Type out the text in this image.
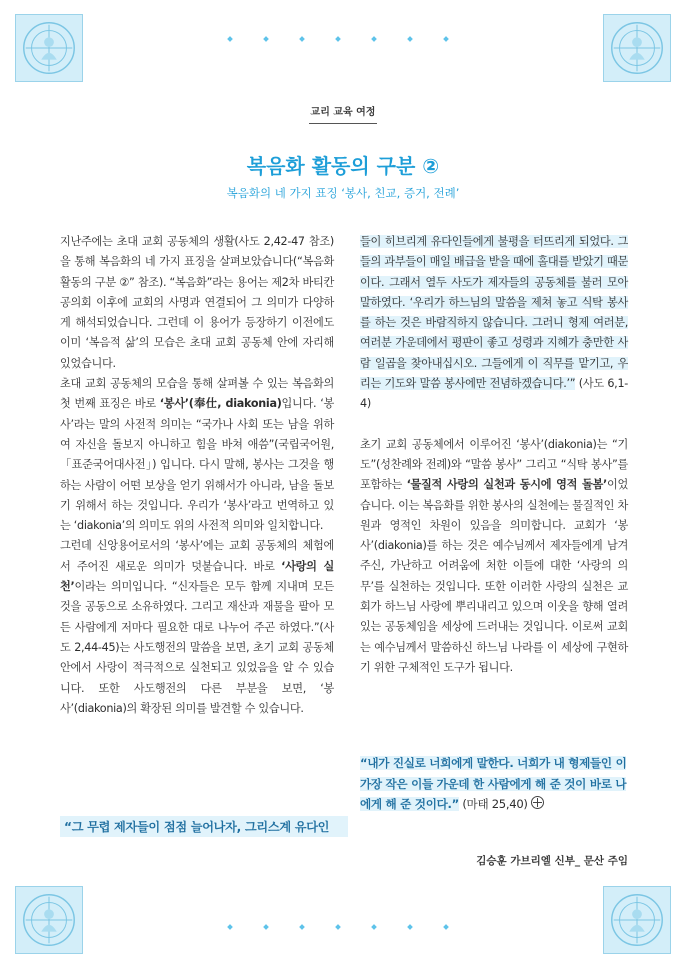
교리 교육 여정
복음화 활동의 구분 ②
복음화의 네 가지 표징 ‘봉사, 친교, 증거, 전례’

지난주에는 초대 교회 공동체의 생활(사도 2,42-47 참조)을 통해 복음화의 네 가지 표징을 살펴보았습니다(“복음화 활동의 구분 ②” 참조). “복음화”라는 용어는 제2차 바티칸 공의회 이후에 교회의 사명과 연결되어 그 의미가 다양하게 해석되었습니다. 그런데 이 용어가 등장하기 이전에도 이미 ‘복음적 삶’의 모습은 초대 교회 공동체 안에 자리해 있었습니다.

초대 교회 공동체의 모습을 통해 살펴볼 수 있는 복음화의 첫 번째 표징은 바로 ‘봉사’(奉仕, diakonia)입니다. ‘봉사’라는 말의 사전적 의미는 “국가나 사회 또는 남을 위하여 자신을 돌보지 아니하고 힘을 바쳐 애씀”(국립국어원,「표준국어대사전」) 입니다. 다시 말해, 봉사는 그것을 행하는 사람이 어떤 보상을 얻기 위해서가 아니라, 남을 돌보기 위해서 하는 것입니다. 우리가 ‘봉사’라고 번역하고 있는 ‘diakonia’의 의미도 위의 사전적 의미와 일치합니다.

그런데 신앙용어로서의 ‘봉사’에는 교회 공동체의 체험에서 주어진 새로운 의미가 덧붙습니다. 바로 ‘사랑의 실천’이라는 의미입니다. “신자들은 모두 함께 지내며 모든 것을 공동으로 소유하였다. 그리고 재산과 재물을 팔아 모든 사람에게 저마다 필요한 대로 나누어 주곤 하였다.”(사도 2,44-45)는 사도행전의 말씀을 보면, 초기 교회 공동체 안에서 사랑이 적극적으로 실천되고 있었음을 알 수 있습니다. 또한 사도행전의 다른 부분을 보면, ‘봉사’(diakonia)의 확장된 의미를 발견할 수 있습니다.

“그 무렵 제자들이 점점 늘어나자, 그리스계 유다인

들이 히브리계 유다인들에게 불평을 터뜨리게 되었다. 그들의 과부들이 매일 배급을 받을 때에 홀대를 받았기 때문이다. 그래서 열두 사도가 제자들의 공동체를 불러 모아 말하였다. ‘우리가 하느님의 말씀을 제쳐 놓고 식탁 봉사를 하는 것은 바람직하지 않습니다. 그러니 형제 여러분, 여러분 가운데에서 평판이 좋고 성령과 지혜가 충만한 사람 일곱을 찾아내십시오. 그들에게 이 직무를 맡기고, 우리는 기도와 말씀 봉사에만 전념하겠습니다.’” (사도 6,1-4)

초기 교회 공동체에서 이루어진 ‘봉사’(diakonia)는 “기도”(성찬례와 전례)와 “말씀 봉사” 그리고 “식탁 봉사”를 포함하는 ‘물질적 사랑의 실천과 동시에 영적 돌봄’이었습니다. 이는 복음화를 위한 봉사의 실천에는 물질적인 차원과 영적인 차원이 있음을 의미합니다. 교회가 ‘봉사’(diakonia)를 하는 것은 예수님께서 제자들에게 남겨주신, 가난하고 어려움에 처한 이들에 대한 ‘사랑의 의무’를 실천하는 것입니다. 또한 이러한 사랑의 실천은 교회가 하느님 사랑에 뿌리내리고 있으며 이웃을 향해 열려있는 공동체임을 세상에 드러내는 것입니다. 이로써 교회는 예수님께서 말씀하신 하느님 나라를 이 세상에 구현하기 위한 구체적인 도구가 됩니다.

“내가 진실로 너희에게 말한다. 너희가 내 형제들인 이 가장 작은 이들 가운데 한 사람에게 해 준 것이 바로 나에게 해 준 것이다.” (마태 25,40)
김승훈 가브리엘 신부_ 문산 주임
